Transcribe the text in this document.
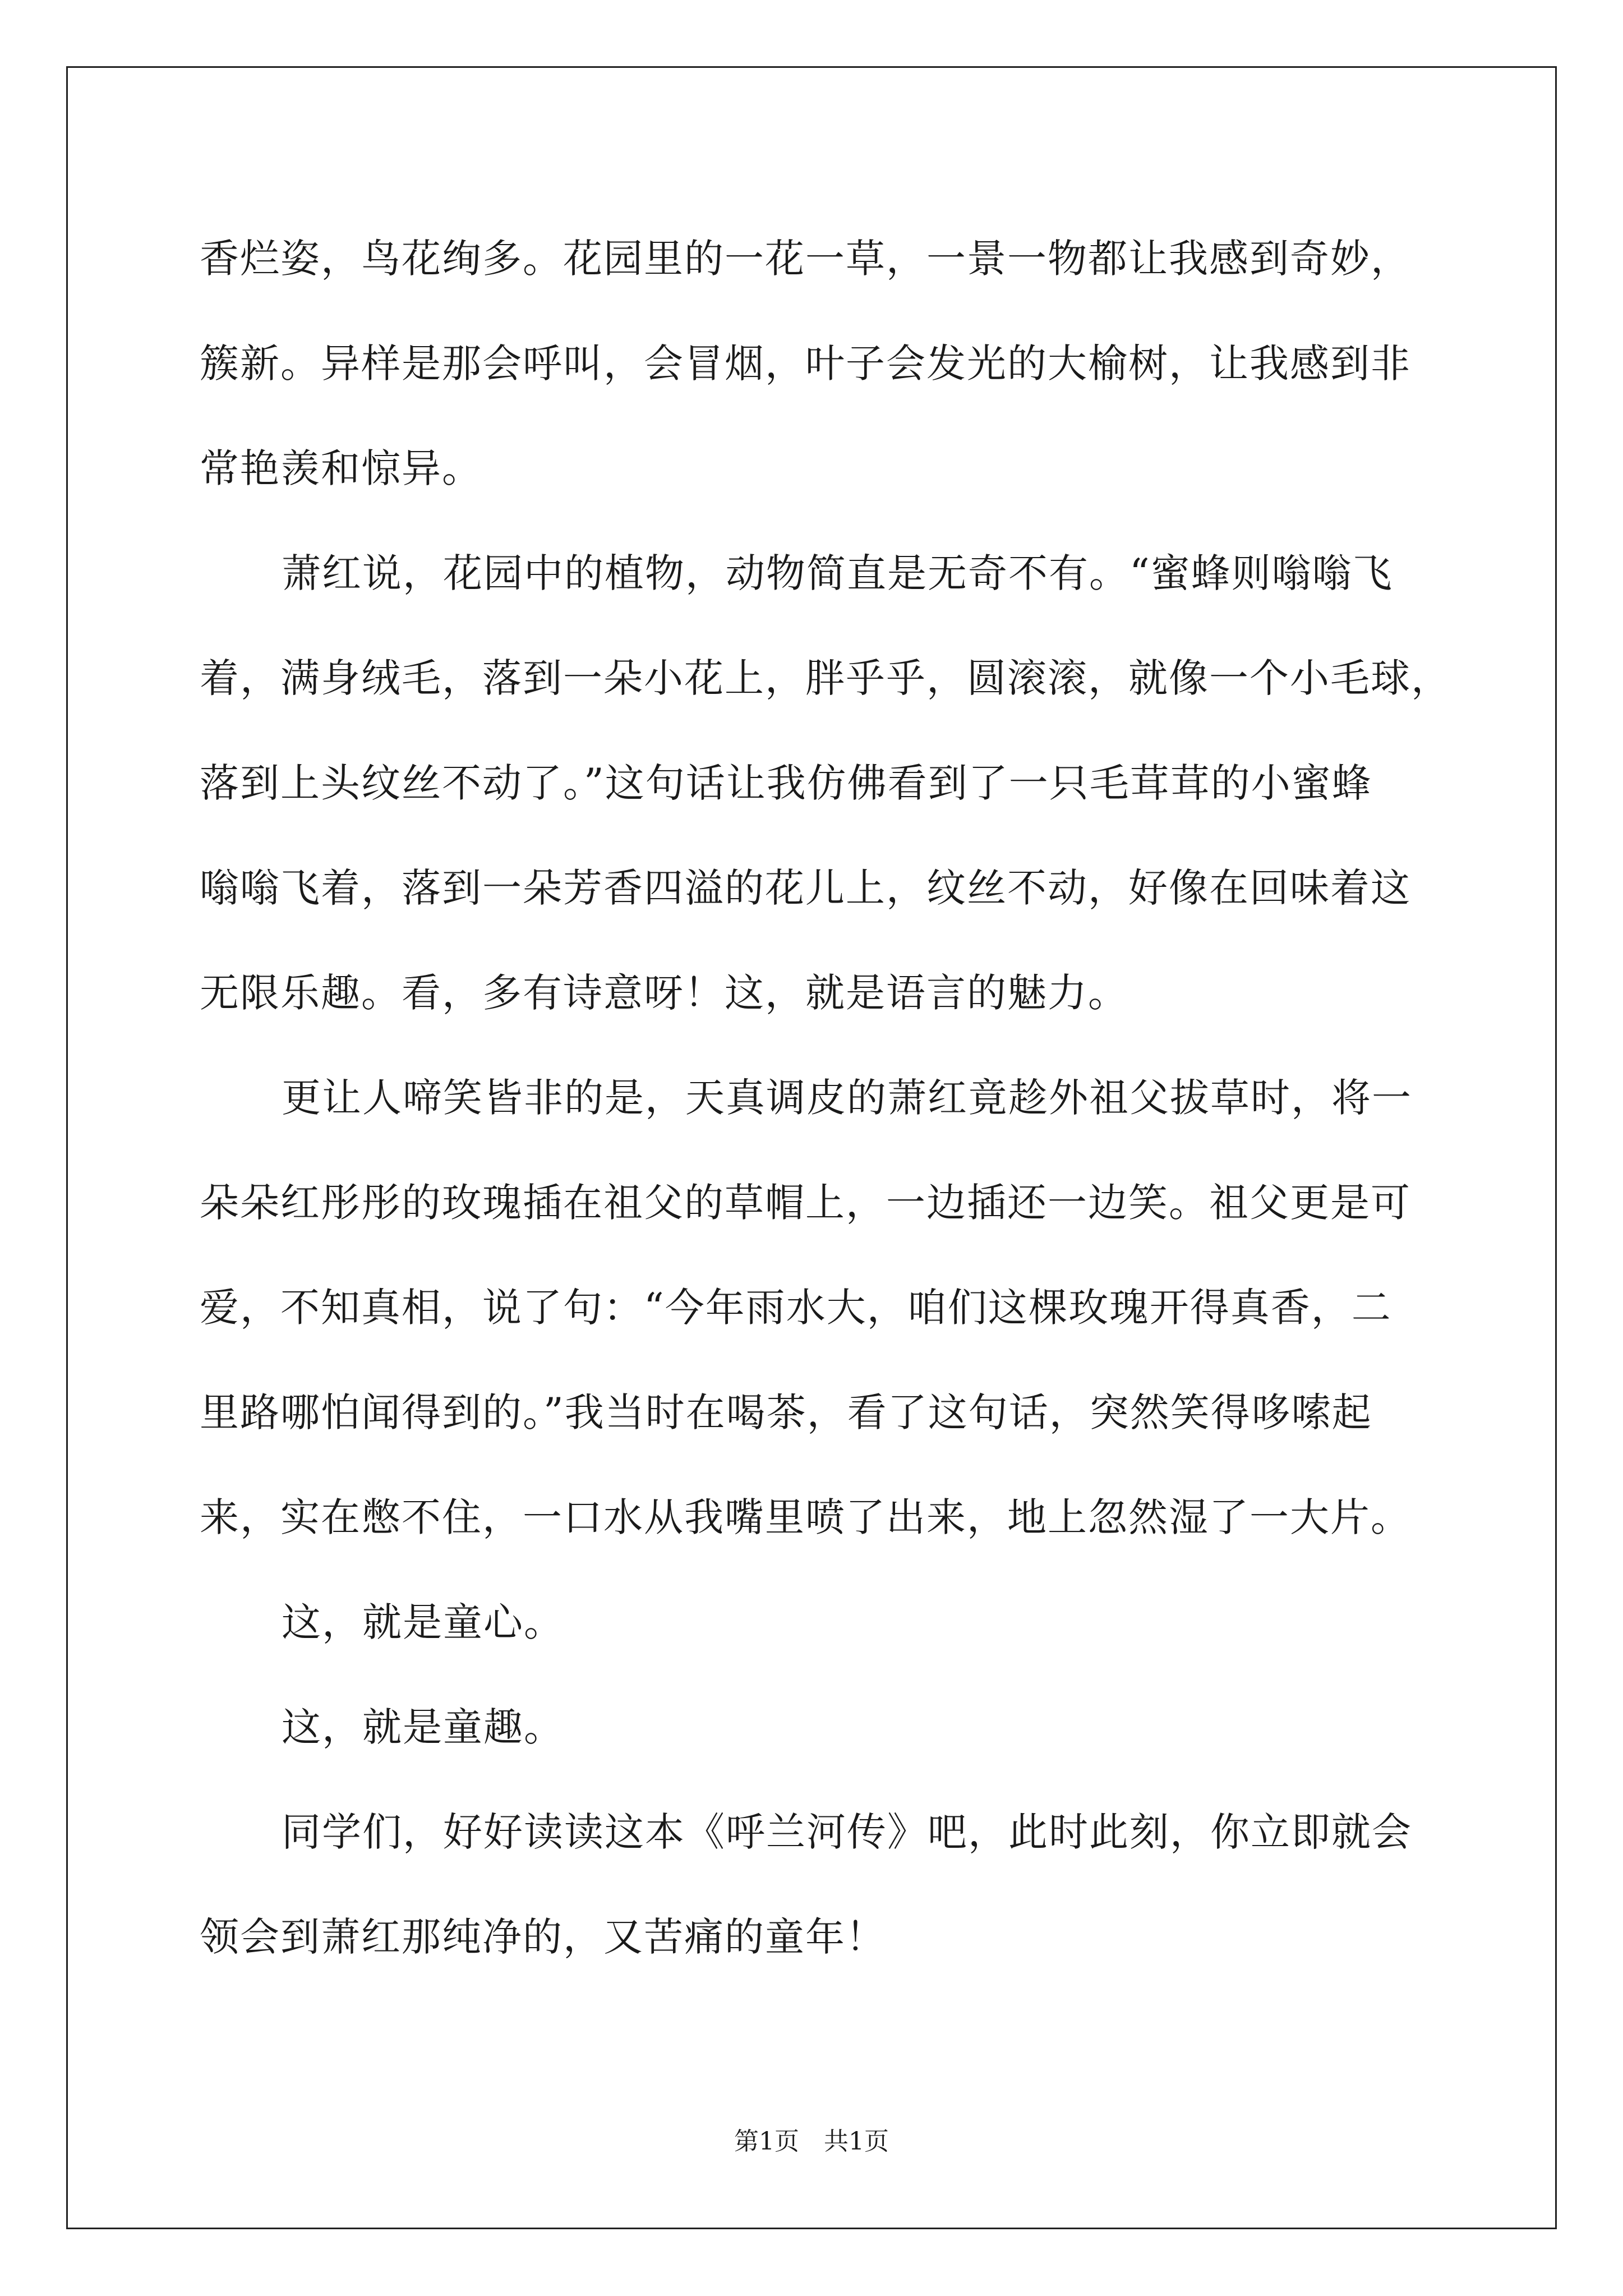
香烂姿，鸟花绚多。花园里的一花一草，一景一物都让我感到奇妙，
簇新。异样是那会呼叫，会冒烟，叶子会发光的大榆树，让我感到非
常艳羡和惊异。
萧红说，花园中的植物，动物简直是无奇不有。“蜜蜂则嗡嗡飞
着，满身绒毛，落到一朵小花上，胖乎乎，圆滚滚，就像一个小毛球，
落到上头纹丝不动了。”这句话让我仿佛看到了一只毛茸茸的小蜜蜂
嗡嗡飞着，落到一朵芳香四溢的花儿上，纹丝不动，好像在回味着这
无限乐趣。看，多有诗意呀！这，就是语言的魅力。
更让人啼笑皆非的是，天真调皮的萧红竟趁外祖父拔草时，将一
朵朵红彤彤的玫瑰插在祖父的草帽上，一边插还一边笑。祖父更是可
爱，不知真相，说了句：“今年雨水大，咱们这棵玫瑰开得真香，二
里路哪怕闻得到的。”我当时在喝茶，看了这句话，突然笑得哆嗦起
来，实在憋不住，一口水从我嘴里喷了出来，地上忽然湿了一大片。
这，就是童心。
这，就是童趣。
同学们，好好读读这本《呼兰河传》吧，此时此刻，你立即就会
领会到萧红那纯净的，又苦痛的童年！
第1页　共1页
